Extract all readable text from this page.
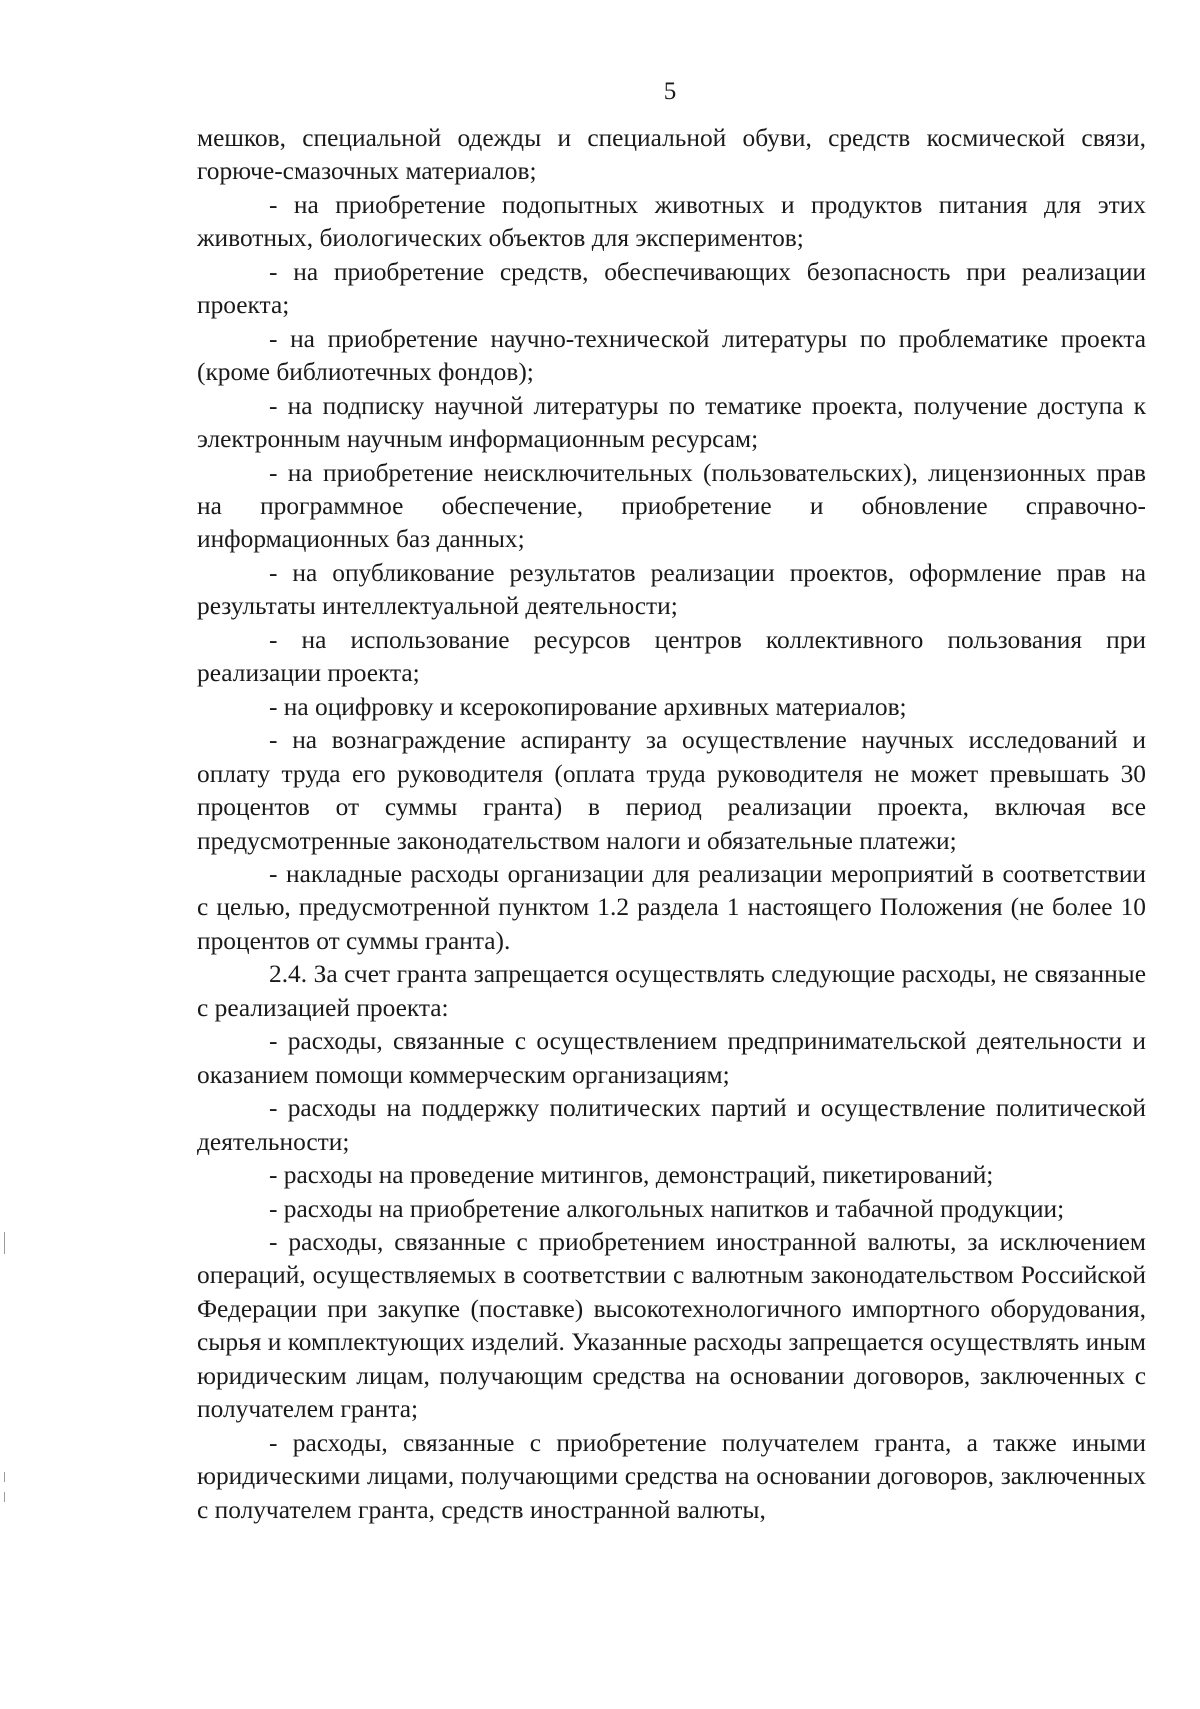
5

мешков, специальной одежды и специальной обуви, средств космической связи, горюче-смазочных материалов;

- на приобретение подопытных животных и продуктов питания для этих животных, биологических объектов для экспериментов;

- на приобретение средств, обеспечивающих безопасность при реализации проекта;

- на приобретение научно-технической литературы по проблематике проекта (кроме библиотечных фондов);

- на подписку научной литературы по тематике проекта, получение доступа к электронным научным информационным ресурсам;

- на приобретение неисключительных (пользовательских), лицензионных прав на программное обеспечение, приобретение и обновление справочно-информационных баз данных;

- на опубликование результатов реализации проектов, оформление прав на результаты интеллектуальной деятельности;

- на использование ресурсов центров коллективного пользования при реализации проекта;

- на оцифровку и ксерокопирование архивных материалов;

- на вознаграждение аспиранту за осуществление научных исследований и оплату труда его руководителя (оплата труда руководителя не может превышать 30 процентов от суммы гранта) в период реализации проекта, включая все предусмотренные законодательством налоги и обязательные платежи;

- накладные расходы организации для реализации мероприятий в соответствии с целью, предусмотренной пунктом 1.2 раздела 1 настоящего Положения (не более 10 процентов от суммы гранта).

2.4. За счет гранта запрещается осуществлять следующие расходы, не связанные с реализацией проекта:

- расходы, связанные с осуществлением предпринимательской деятельности и оказанием помощи коммерческим организациям;

- расходы на поддержку политических партий и осуществление политической деятельности;

- расходы на проведение митингов, демонстраций, пикетирований;

- расходы на приобретение алкогольных напитков и табачной продукции;

- расходы, связанные с приобретением иностранной валюты, за исключением операций, осуществляемых в соответствии с валютным законодательством Российской Федерации при закупке (поставке) высокотехнологичного импортного оборудования, сырья и комплектующих изделий. Указанные расходы запрещается осуществлять иным юридическим лицам, получающим средства на основании договоров, заключенных с получателем гранта;

- расходы, связанные с приобретение получателем гранта, а также иными юридическими лицами, получающими средства на основании договоров, заключенных с получателем гранта, средств иностранной валюты,
